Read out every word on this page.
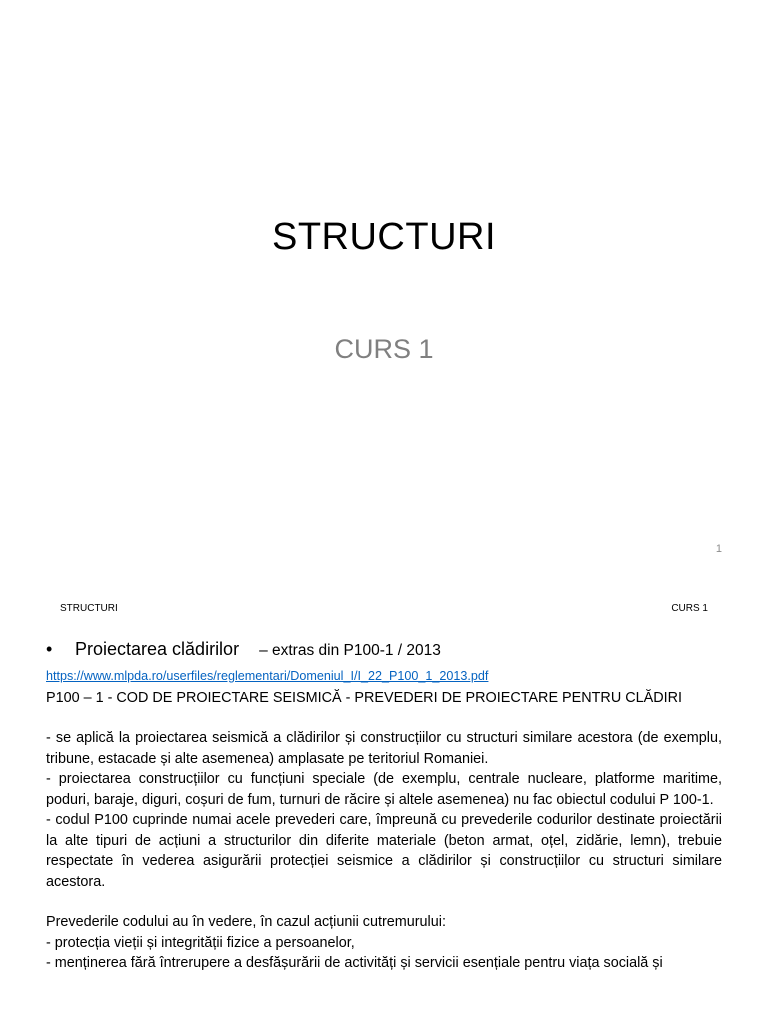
STRUCTURI
CURS 1
1
STRUCTURI	CURS 1
•	Proiectarea clădirilor – extras din P100-1 / 2013
https://www.mlpda.ro/userfiles/reglementari/Domeniul_I/I_22_P100_1_2013.pdf
P100 – 1 - COD DE PROIECTARE SEISMICĂ - PREVEDERI DE PROIECTARE PENTRU CLĂDIRI

- se aplică la proiectarea seismică a clădirilor și construcțiilor cu structuri similare acestora (de exemplu, tribune, estacade și alte asemenea) amplasate pe teritoriul Romaniei.

- proiectarea construcțiilor cu funcțiuni speciale (de exemplu, centrale nucleare, platforme maritime, poduri, baraje, diguri, coșuri de fum, turnuri de răcire și altele asemenea) nu fac obiectul codului P 100-1.

- codul P100 cuprinde numai acele prevederi care, împreună cu prevederile codurilor destinate proiectării la alte tipuri de acțiuni a structurilor din diferite materiale (beton armat, oțel, zidărie, lemn), trebuie respectate în vederea asigurării protecției seismice a clădirilor și construcțiilor cu structuri similare acestora.

Prevederile codului au în vedere, în cazul acțiunii cutremurului:

- protecția vieții și integrității fizice a persoanelor,

- menținerea fără întrerupere a desfășurării de activități și servicii esențiale pentru viața socială și
